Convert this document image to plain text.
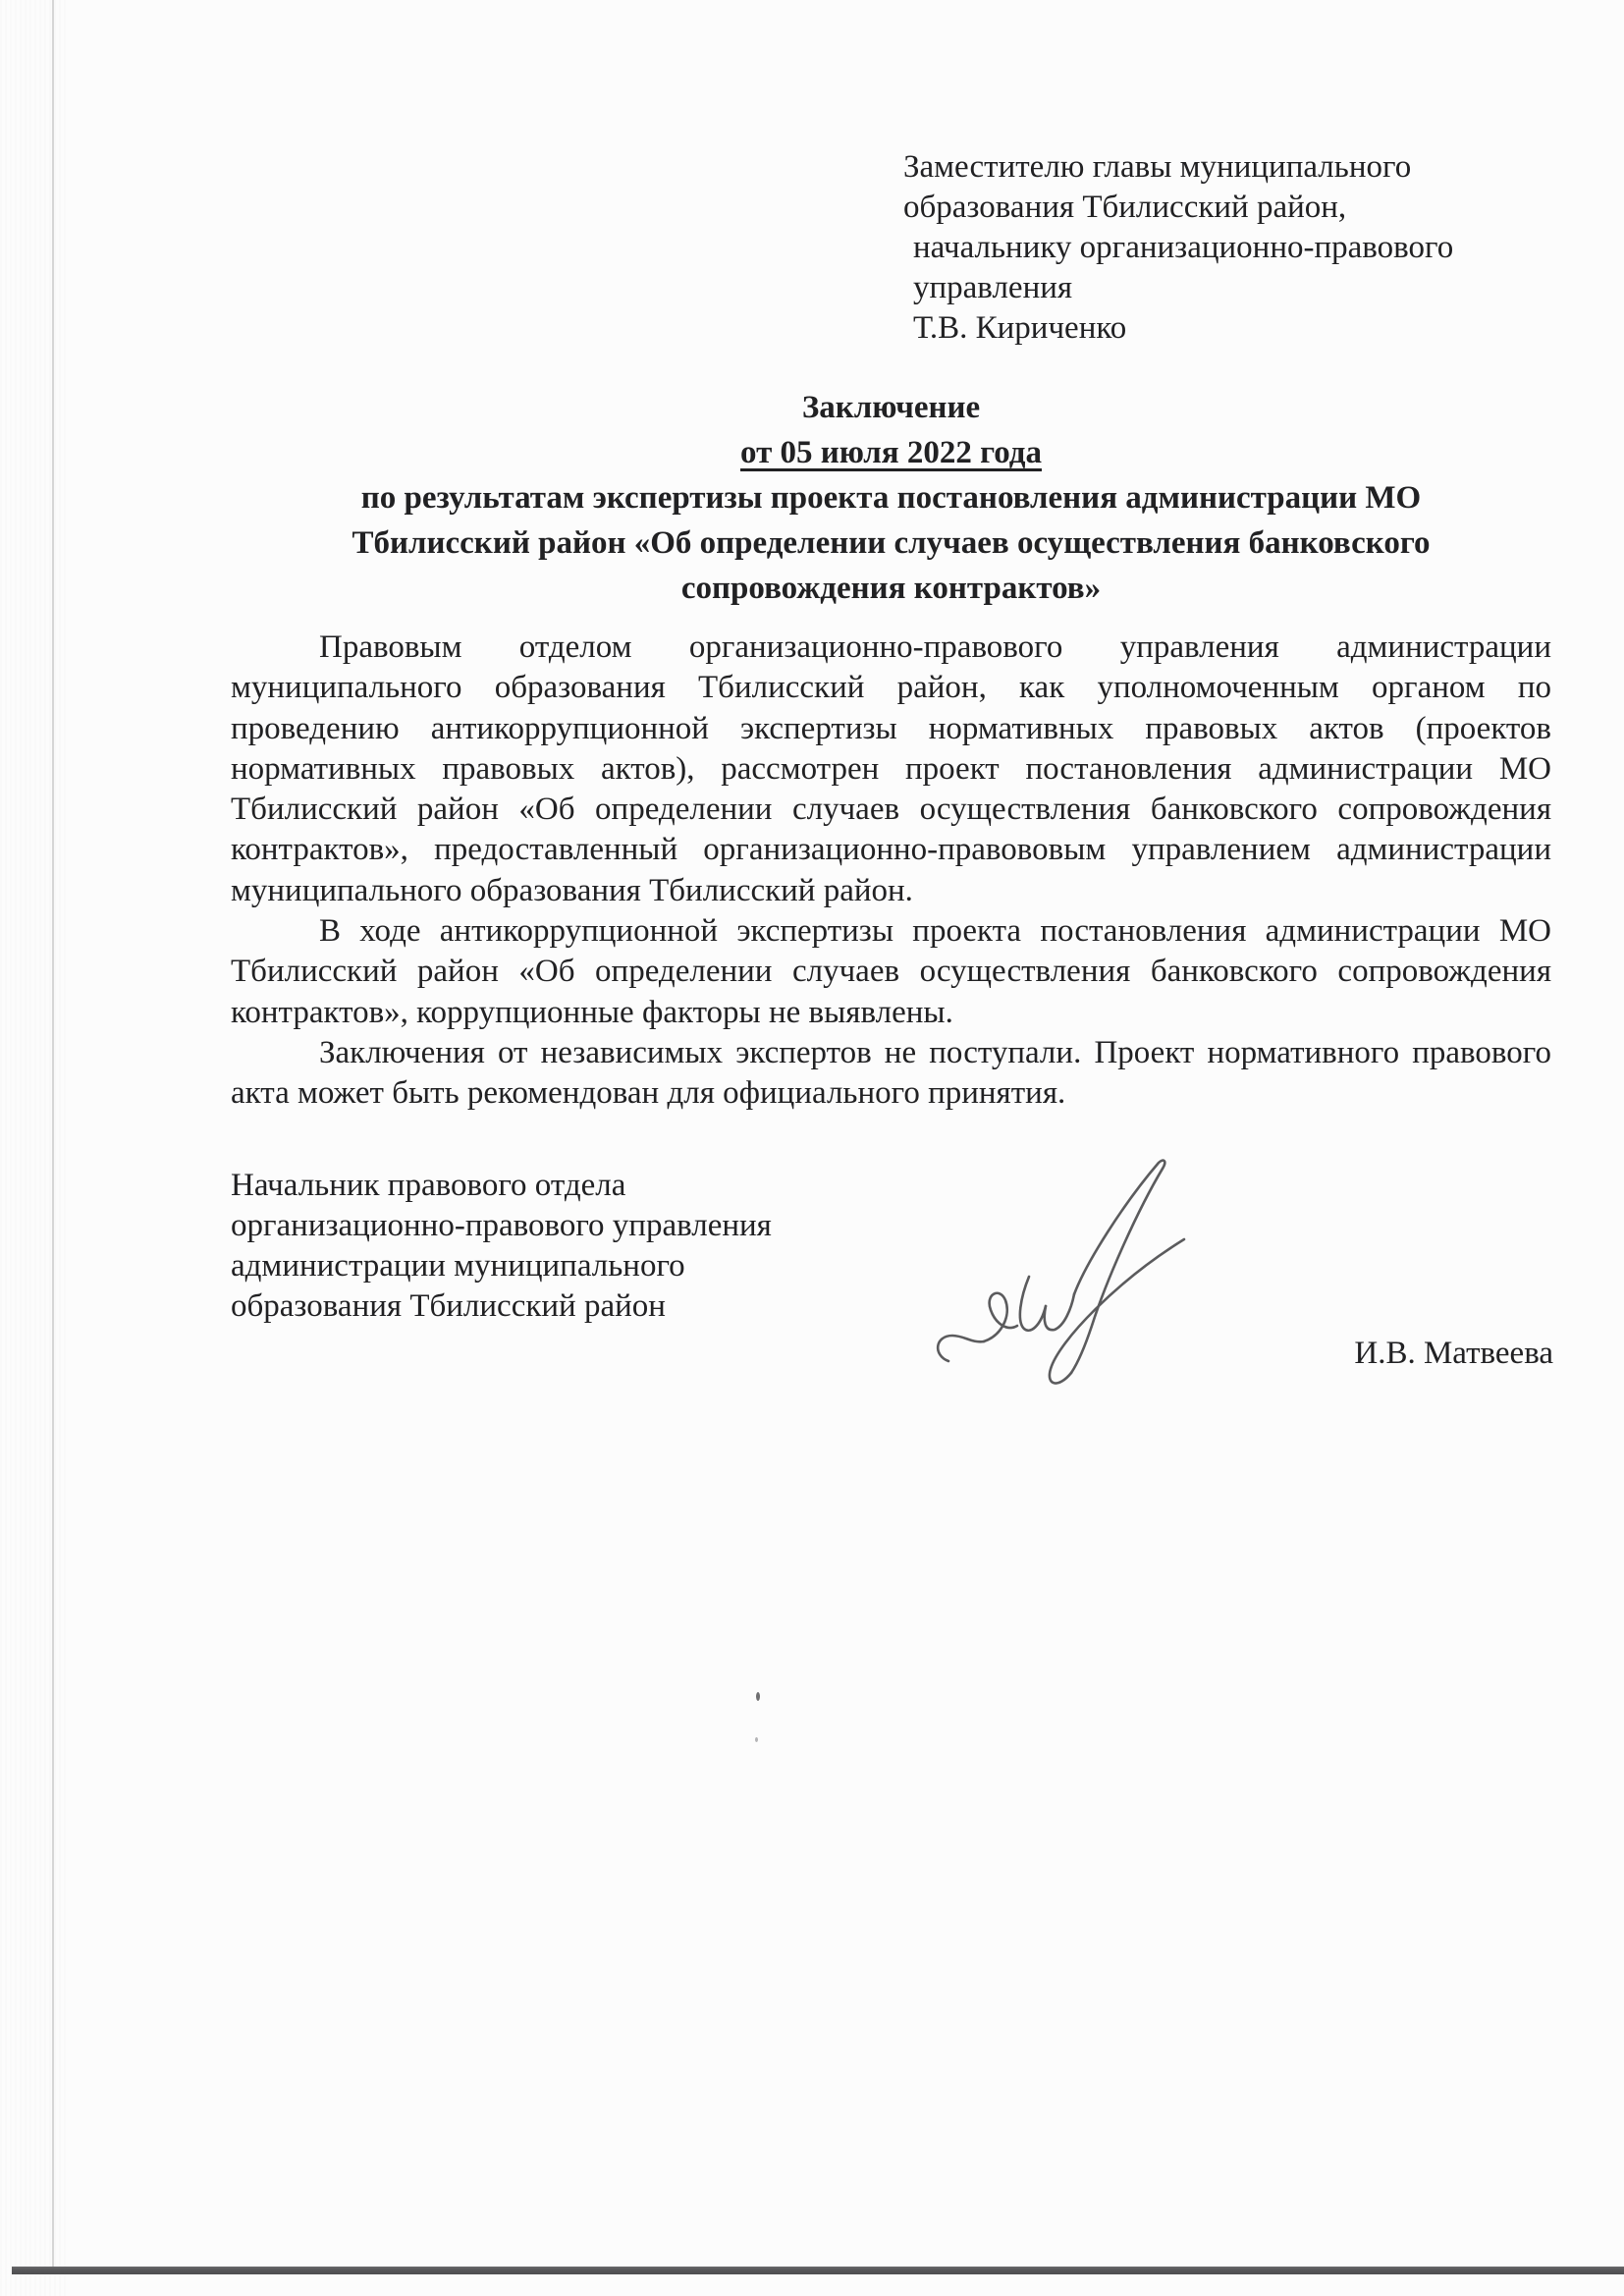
Заместителю главы муниципального
образования Тбилисский район,
начальнику организационно-правового
управления
Т.В. Кириченко
Заключение
от 05 июля 2022 года
по результатам экспертизы проекта постановления администрации МО
Тбилисский район «Об определении случаев осуществления банковского
сопровождения контрактов»

Правовым отделом организационно-правового управления администрации муниципального образования Тбилисский район, как уполномоченным органом по проведению антикоррупционной экспертизы нормативных правовых актов (проектов нормативных правовых актов), рассмотрен проект постановления администрации МО Тбилисский район «Об определении случаев осуществления банковского сопровождения контрактов», предоставленный организационно-правововым управлением администрации муниципального образования Тбилисский район.

В ходе антикоррупционной экспертизы проекта постановления администрации МО Тбилисский район «Об определении случаев осуществления банковского сопровождения контрактов», коррупционные факторы не выявлены.

Заключения от независимых экспертов не поступали. Проект нормативного правового акта может быть рекомендован для официального принятия.

Начальник правового отдела
организационно-правового управления
администрации муниципального
образования Тбилисский район
И.В. Матвеева
